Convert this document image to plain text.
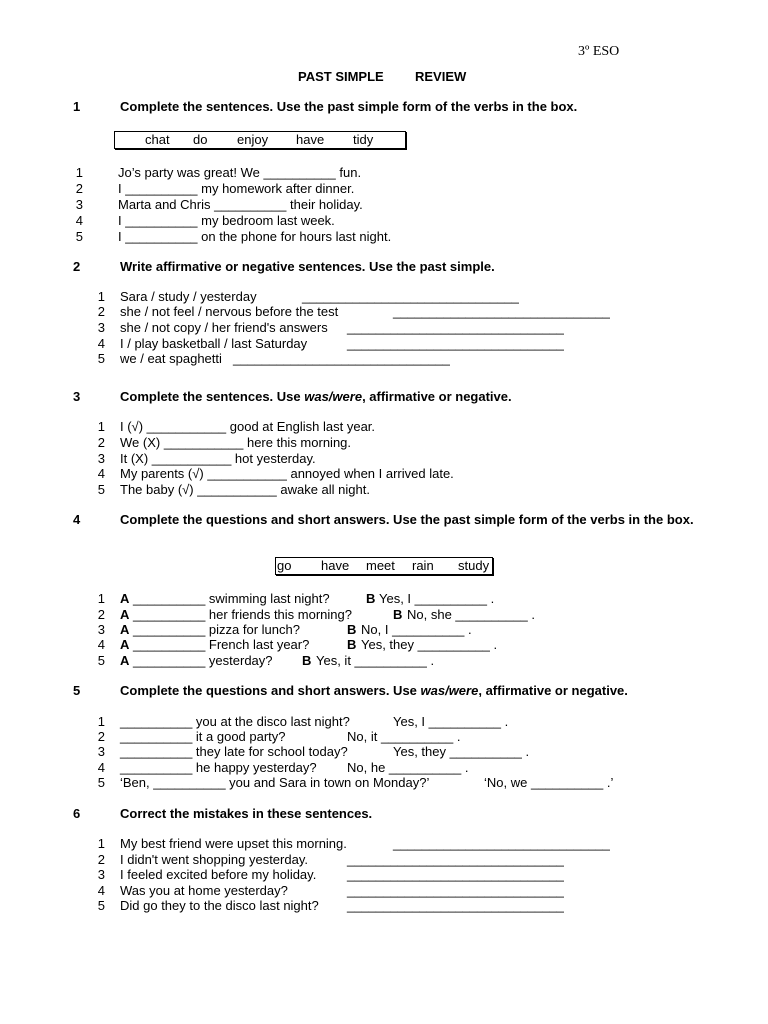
3º ESO
PAST SIMPLE REVIEW
1	Complete the sentences. Use the past simple form of the verbs in the box.
chat do enjoy have tidy
1	Jo’s party was great! We __________ fun.
2	I __________ my homework after dinner.
3	Marta and Chris __________ their holiday.
4	I __________ my bedroom last week.
5	I __________ on the phone for hours last night.
2	Write affirmative or negative sentences. Use the past simple.
1 Sara / study / yesterday	______________________________
2 she / not feel / nervous before the test	______________________________
3 she / not copy / her friend's answers ______________________________
4 I / play basketball / last Saturday	______________________________
5 we / eat spaghetti ______________________________
3	Complete the sentences. Use was/were, affirmative or negative.
1 I (√) ___________ good at English last year.
2 We (X) ___________ here this morning.
3 It (X) ___________ hot yesterday.
4 My parents (√) ___________ annoyed when I arrived late.
5 The baby (√) ___________ awake all night.
4	Complete the questions and short answers. Use the past simple form of the verbs in the box.
go have meet rain study
1 A __________ swimming last night?	B Yes, I __________ .
2 A __________ her friends this morning?	B No, she __________ .
3 A __________ pizza for lunch?	B No, I __________ .
4 A __________ French last year?	B Yes, they __________ .
5 A __________ yesterday? B Yes, it __________ .
5	Complete the questions and short answers. Use was/were, affirmative or negative.
1 __________ you at the disco last night?	Yes, I __________ .
2 __________ it a good party?	No, it __________ .
3 __________ they late for school today?	Yes, they __________ .
4 __________ he happy yesterday? No, he __________ .
5 ‘Ben, __________ you and Sara in town on Monday?’	‘No, we __________ .’
6	Correct the mistakes in these sentences.
1 My best friend were upset this morning.	______________________________
2 I didn't went shopping yesterday.	______________________________
3 I feeled excited before my holiday. ______________________________
4 Was you at home yesterday?	______________________________
5 Did go they to the disco last night? ______________________________
